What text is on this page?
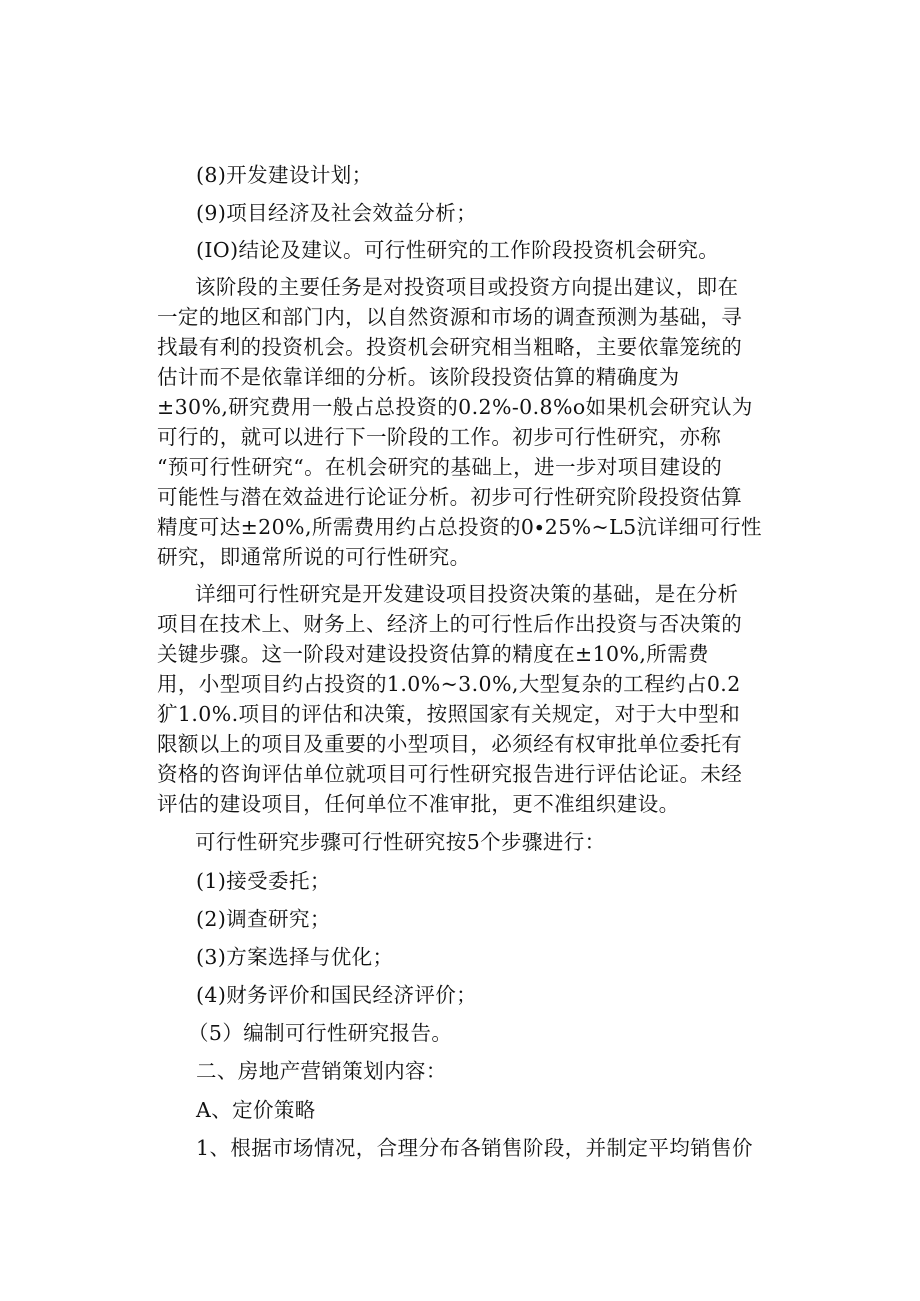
(8)开发建设计划；
(9)项目经济及社会效益分析；
(IO)结论及建议。可行性研究的工作阶段投资机会研究。
该阶段的主要任务是对投资项目或投资方向提出建议，即在
一定的地区和部门内，以自然资源和市场的调查预测为基础，寻
找最有利的投资机会。投资机会研究相当粗略，主要依靠笼统的
估计而不是依靠详细的分析。该阶段投资估算的精确度为
±30%,研究费用一般占总投资的0.2%-0.8%o如果机会研究认为
可行的，就可以进行下一阶段的工作。初步可行性研究，亦称
“预可行性研究“。在机会研究的基础上，进一步对项目建设的
可能性与潜在效益进行论证分析。初步可行性研究阶段投资估算
精度可达±20%,所需费用约占总投资的0∙25%~L5沆详细可行性
研究，即通常所说的可行性研究。
详细可行性研究是开发建设项目投资决策的基础，是在分析
项目在技术上、财务上、经济上的可行性后作出投资与否决策的
关键步骤。这一阶段对建设投资估算的精度在±10%,所需费
用，小型项目约占投资的1.0%~3.0%,大型复杂的工程约占0.2
犷1.0%.项目的评估和决策，按照国家有关规定，对于大中型和
限额以上的项目及重要的小型项目，必须经有权审批单位委托有
资格的咨询评估单位就项目可行性研究报告进行评估论证。未经
评估的建设项目，任何单位不准审批，更不准组织建设。
可行性研究步骤可行性研究按5个步骤进行：
(1)接受委托；
(2)调查研究；
(3)方案选择与优化；
(4)财务评价和国民经济评价；
（5）编制可行性研究报告。
二、房地产营销策划内容：
A、定价策略
1、根据市场情况，合理分布各销售阶段，并制定平均销售价
